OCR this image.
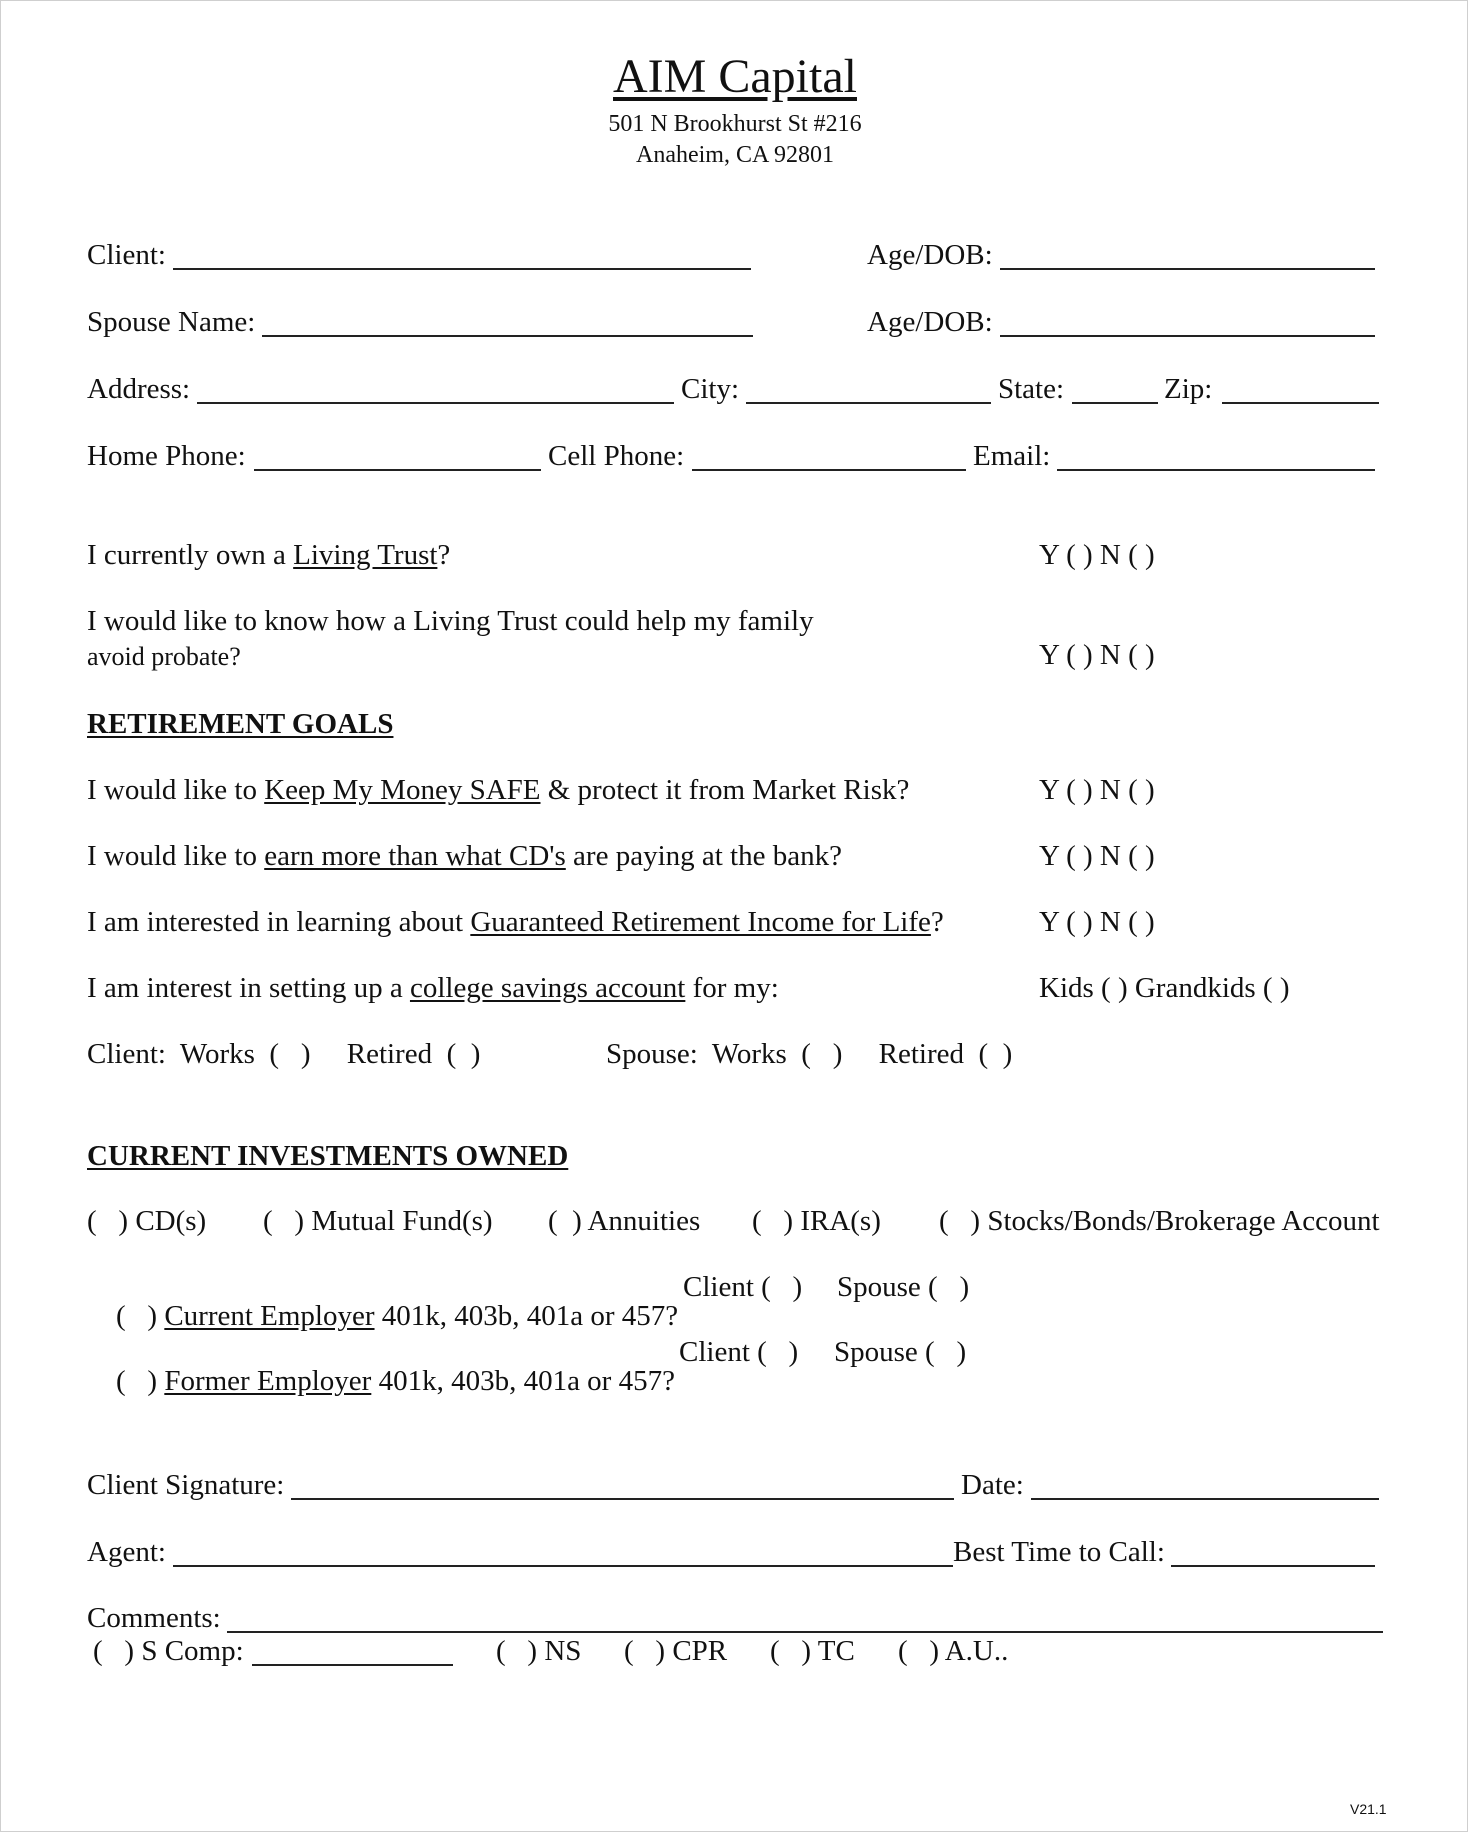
AIM Capital
501 N Brookhurst St #216
Anaheim, CA 92801
Client:	Age/DOB:
Spouse Name:	Age/DOB:
Address:	City:	State:	Zip:
Home Phone:	Cell Phone:	Email:
I currently own a Living Trust?	Y ( ) N ( )
I would like to know how a Living Trust could help my family
avoid probate?	Y ( ) N ( )
RETIREMENT GOALS
I would like to Keep My Money SAFE & protect it from Market Risk?	Y ( ) N ( )
I would like to earn more than what CD's are paying at the bank?	Y ( ) N ( )
I am interested in learning about Guaranteed Retirement Income for Life?	Y ( ) N ( )
I am interest in setting up a college savings account for my:	Kids ( ) Grandkids ( )
Client:  Works  (   )     Retired  (  )	Spouse:  Works  (   )     Retired  (  )
CURRENT INVESTMENTS OWNED
(   ) CD(s) (   ) Mutual Fund(s) (  ) Annuities (   ) IRA(s) (   ) Stocks/Bonds/Brokerage Account

(   ) Current Employer 401k, 403b, 401a or 457?

Client (   ) Spouse (   )

(   ) Former Employer 401k, 403b, 401a or 457?

Client (   ) Spouse (   )
Client Signature:	Date:
Agent:	Best Time to Call:
Comments:
(   ) S Comp:	(   ) NS (   ) CPR (   ) TC (   ) A.U..
V21.1
